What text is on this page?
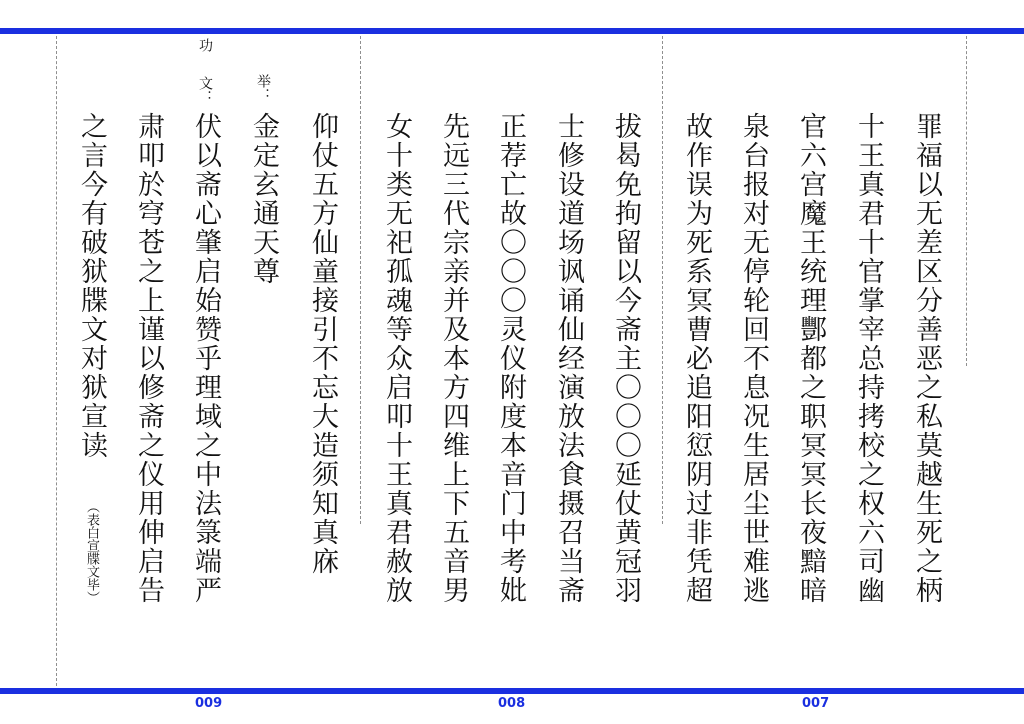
罪福以无差区分善恶之私莫越生死之柄
十王真君十官掌宰总持拷校之权六司幽
官六宫魔王统理酆都之职冥冥长夜黯暗
泉台报对无停轮回不息况生居尘世难逃
故作误为死系冥曹必追阳愆阴过非凭超
007
拔曷免拘留以今斋主〇〇〇延仗黄冠羽
士修设道场讽诵仙经演放法食摄召当斋
正荐亡故〇〇〇灵仪附度本音门中考妣
先远三代宗亲并及本方四维上下五音男
女十类无祀孤魂等众启叩十王真君赦放
008
仰仗五方仙童接引不忘大造须知真庥
举：
金定玄通天尊
功
文：
伏以斋心肇启始赞乎理域之中法箓端严
肃叩於穹苍之上谨以修斋之仪用伸启告
之言今有破狱牒文对狱宣读
（表白宣牒文毕）
009
